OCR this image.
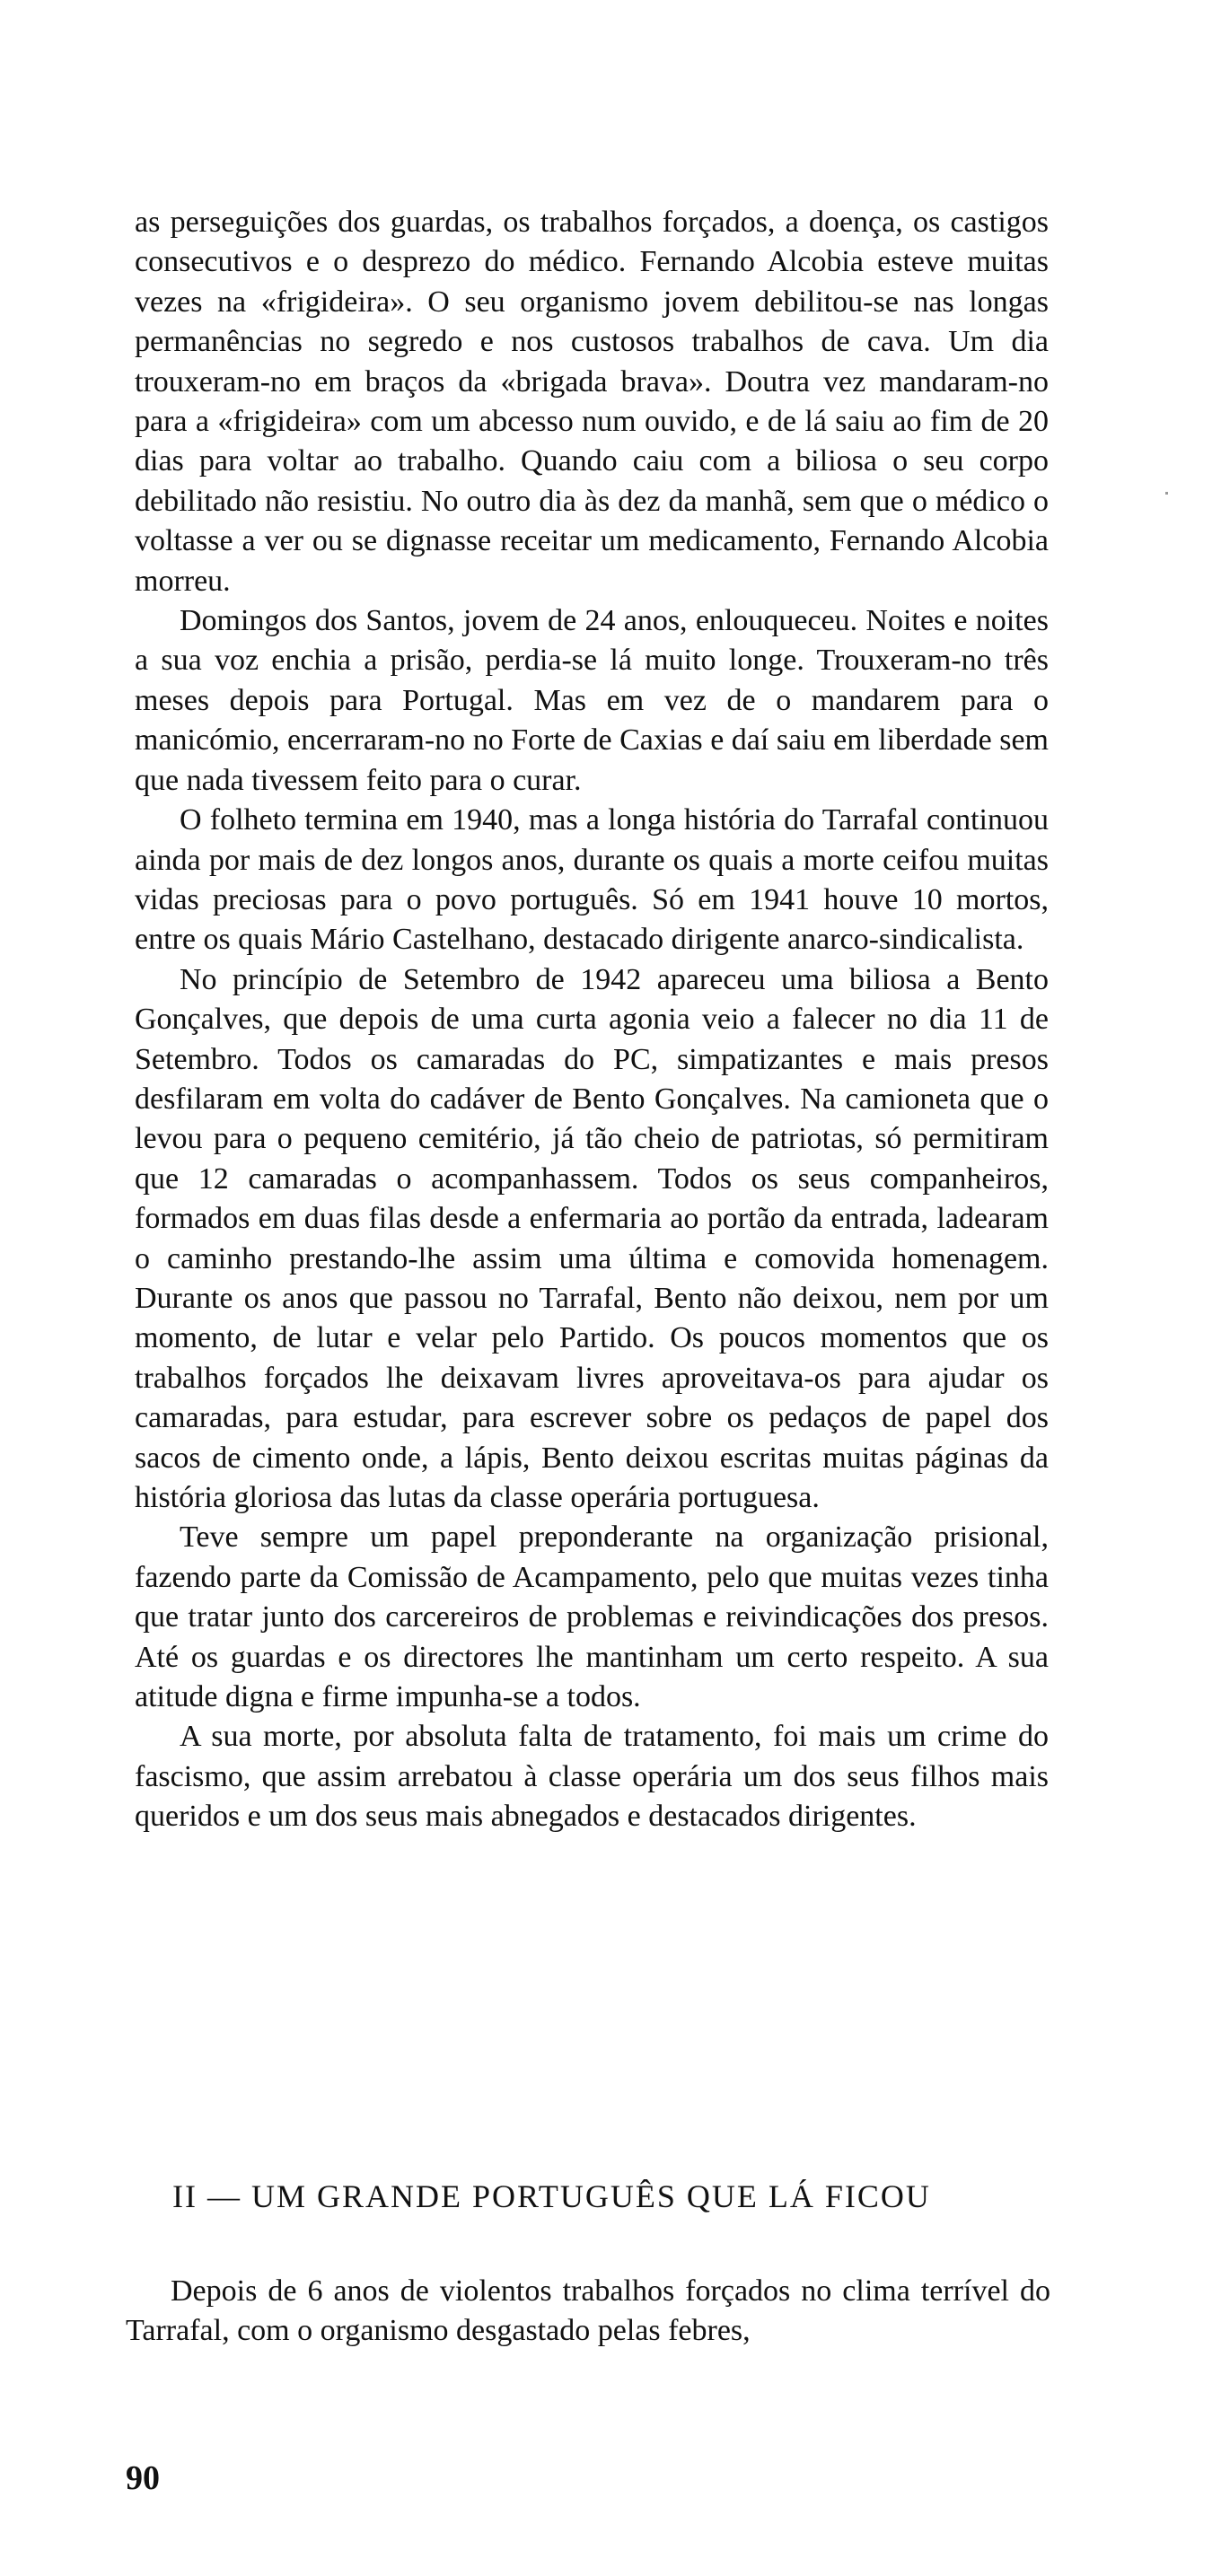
as perseguições dos guardas, os trabalhos forçados, a doença, os castigos consecutivos e o desprezo do médico. Fernando Alcobia esteve muitas vezes na «frigideira». O seu organismo jovem debilitou-se nas longas permanências no segredo e nos custosos trabalhos de cava. Um dia trouxeram-no em braços da «brigada brava». Doutra vez mandaram-no para a «frigideira» com um abcesso num ouvido, e de lá saiu ao fim de 20 dias para voltar ao trabalho. Quando caiu com a biliosa o seu corpo debilitado não resistiu. No outro dia às dez da manhã, sem que o médico o voltasse a ver ou se dignasse receitar um medicamento, Fernando Alcobia morreu.

Domingos dos Santos, jovem de 24 anos, enlouqueceu. Noites e noites a sua voz enchia a prisão, perdia-se lá muito longe. Trouxeram-no três meses depois para Portugal. Mas em vez de o mandarem para o manicómio, encerraram-no no Forte de Caxias e daí saiu em liberdade sem que nada tivessem feito para o curar.

O folheto termina em 1940, mas a longa história do Tarrafal continuou ainda por mais de dez longos anos, durante os quais a morte ceifou muitas vidas preciosas para o povo português. Só em 1941 houve 10 mortos, entre os quais Mário Castelhano, destacado dirigente anarco-sindicalista.

No princípio de Setembro de 1942 apareceu uma biliosa a Bento Gonçalves, que depois de uma curta agonia veio a falecer no dia 11 de Setembro. Todos os camaradas do PC, simpatizantes e mais presos desfilaram em volta do cadáver de Bento Gonçalves. Na camioneta que o levou para o pequeno cemitério, já tão cheio de patriotas, só permitiram que 12 camaradas o acompanhassem. Todos os seus companheiros, formados em duas filas desde a enfermaria ao portão da entrada, ladearam o caminho prestando-lhe assim uma última e comovida homenagem. Durante os anos que passou no Tarrafal, Bento não deixou, nem por um momento, de lutar e velar pelo Partido. Os poucos momentos que os trabalhos forçados lhe deixavam livres aproveitava-os para ajudar os camaradas, para estudar, para escrever sobre os pedaços de papel dos sacos de cimento onde, a lápis, Bento deixou escritas muitas páginas da história gloriosa das lutas da classe operária portuguesa.

Teve sempre um papel preponderante na organização prisional, fazendo parte da Comissão de Acampamento, pelo que muitas vezes tinha que tratar junto dos carcereiros de problemas e reivindicações dos presos. Até os guardas e os directores lhe mantinham um certo respeito. A sua atitude digna e firme impunha-se a todos.

A sua morte, por absoluta falta de tratamento, foi mais um crime do fascismo, que assim arrebatou à classe operária um dos seus filhos mais queridos e um dos seus mais abnegados e destacados dirigentes.

II — UM GRANDE PORTUGUÊS QUE LÁ FICOU

Depois de 6 anos de violentos trabalhos forçados no clima terrível do Tarrafal, com o organismo desgastado pelas febres,

90
